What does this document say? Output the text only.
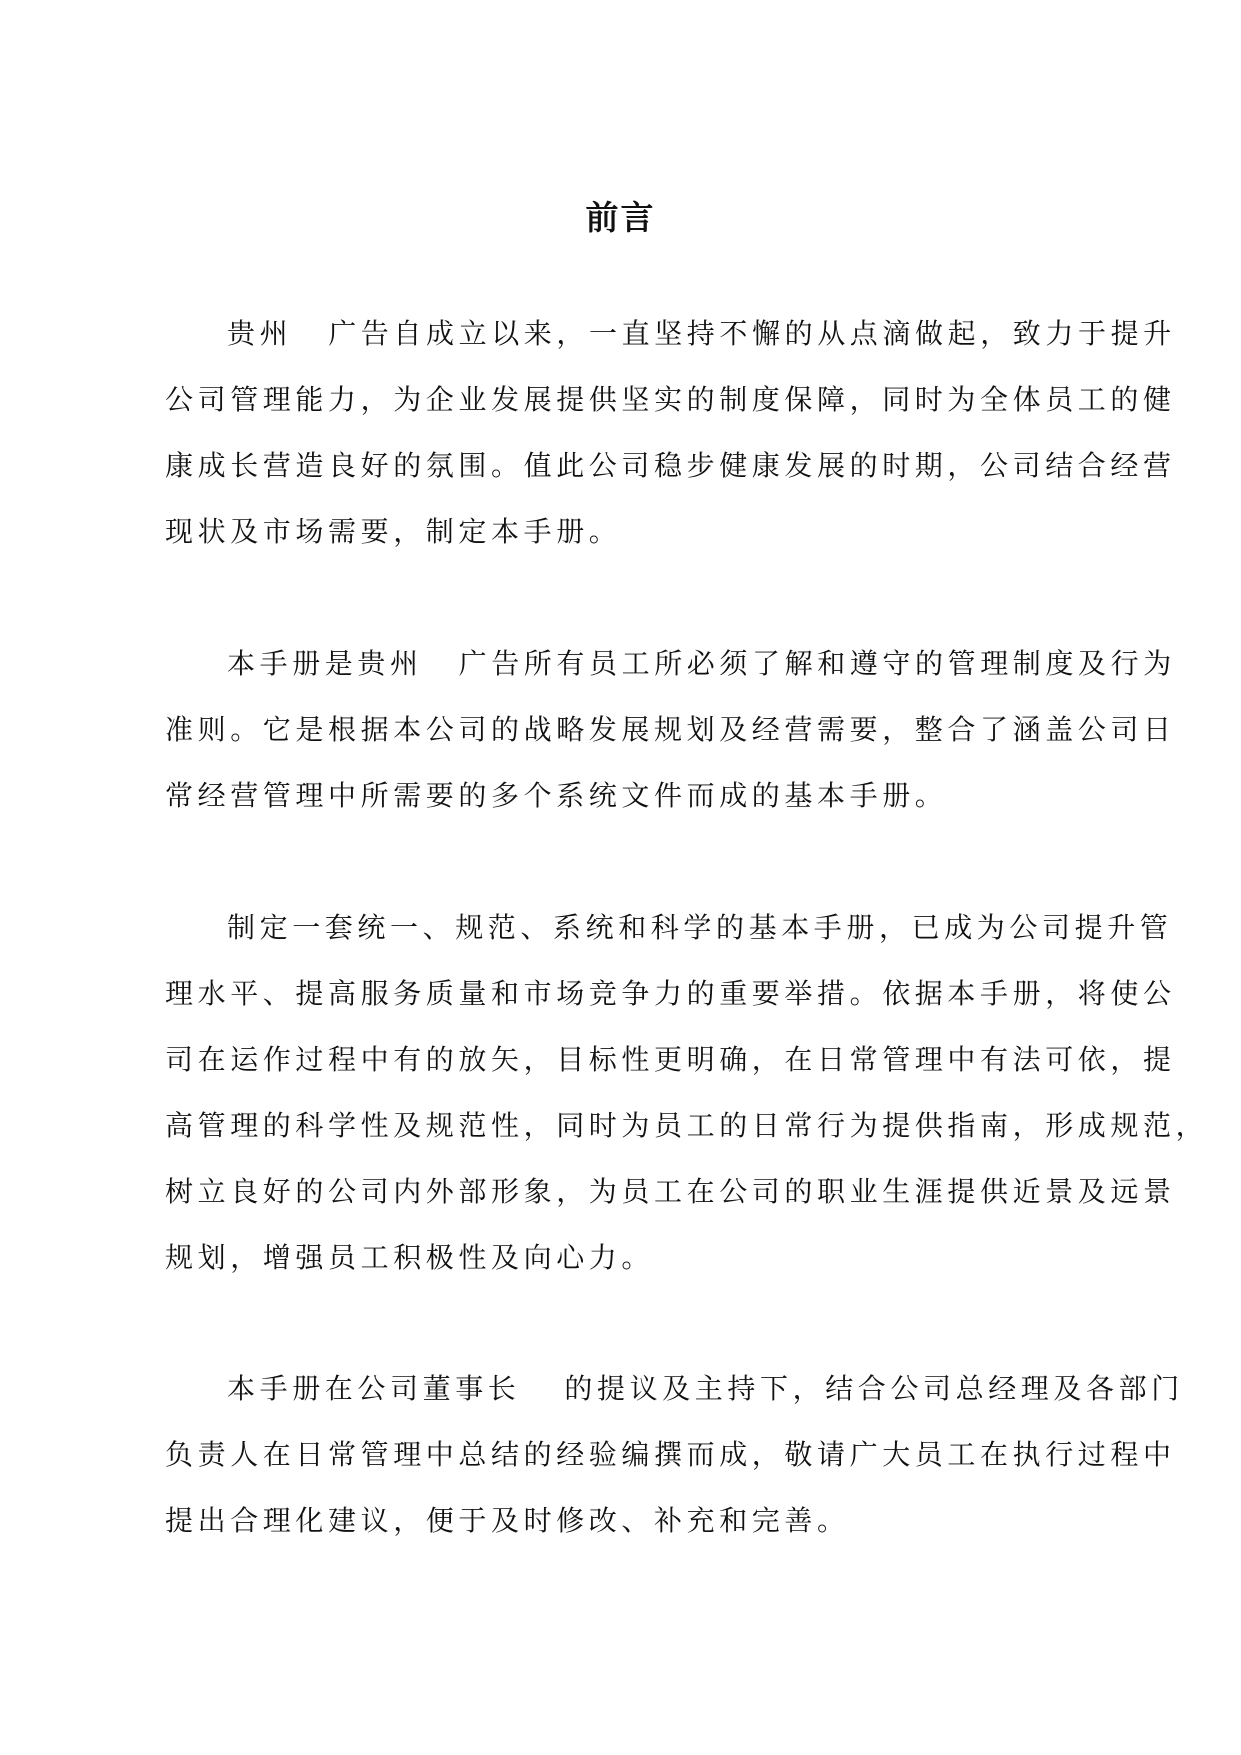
前言
贵州 广告自成立以来，一直坚持不懈的从点滴做起，致力于提升
公司管理能力，为企业发展提供坚实的制度保障，同时为全体员工的健
康成长营造良好的氛围。值此公司稳步健康发展的时期，公司结合经营
现状及市场需要，制定本手册。
本手册是贵州 广告所有员工所必须了解和遵守的管理制度及行为
准则。它是根据本公司的战略发展规划及经营需要，整合了涵盖公司日
常经营管理中所需要的多个系统文件而成的基本手册。
制定一套统一、规范、系统和科学的基本手册，已成为公司提升管
理水平、提高服务质量和市场竞争力的重要举措。依据本手册，将使公
司在运作过程中有的放矢，目标性更明确，在日常管理中有法可依，提
高管理的科学性及规范性，同时为员工的日常行为提供指南，形成规范，
树立良好的公司内外部形象，为员工在公司的职业生涯提供近景及远景
规划，增强员工积极性及向心力。
本手册在公司董事长 的提议及主持下，结合公司总经理及各部门
负责人在日常管理中总结的经验编撰而成，敬请广大员工在执行过程中
提出合理化建议，便于及时修改、补充和完善。
